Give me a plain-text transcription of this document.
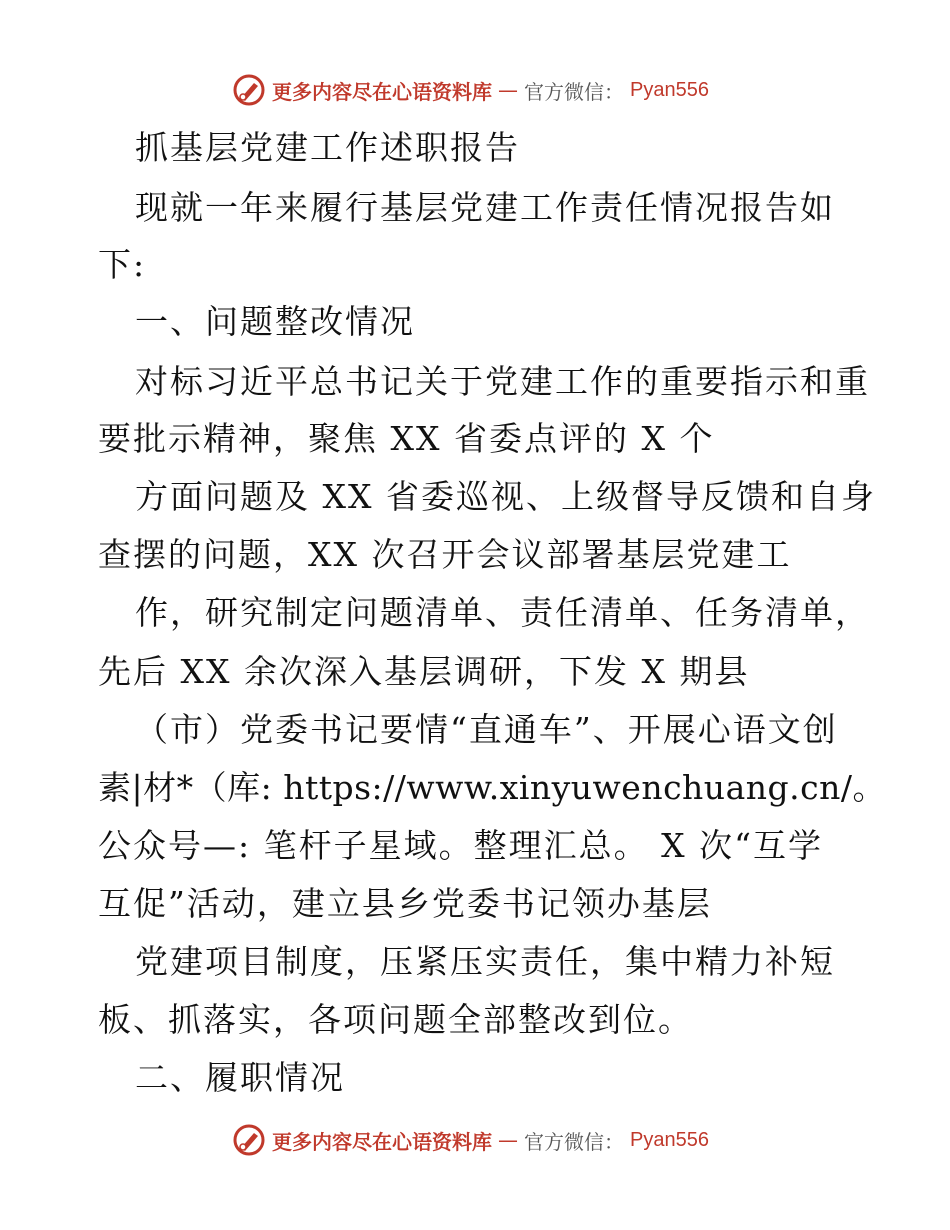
更多内容尽在心语资料库 — 官方微信： Pyan556
抓基层党建工作述职报告
现就一年来履行基层党建工作责任情况报告如
下:
一、问题整改情况
对标习近平总书记关于党建工作的重要指示和重
要批示精神，聚焦 XX 省委点评的 X 个
方面问题及 XX 省委巡视、上级督导反馈和自身
查摆的问题，XX 次召开会议部署基层党建工
作，研究制定问题清单、责任清单、任务清单，
先后 XX 余次深入基层调研，下发 X 期县
（市）党委书记要情“直通车”、开展心语文创
素|材*（库: https://www.xinyuwenchuang.cn/。
公众号—: 笔杆子星域。整理汇总。 X 次“互学
互促”活动，建立县乡党委书记领办基层
党建项目制度，压紧压实责任，集中精力补短
板、抓落实，各项问题全部整改到位。
二、履职情况
更多内容尽在心语资料库 — 官方微信： Pyan556
